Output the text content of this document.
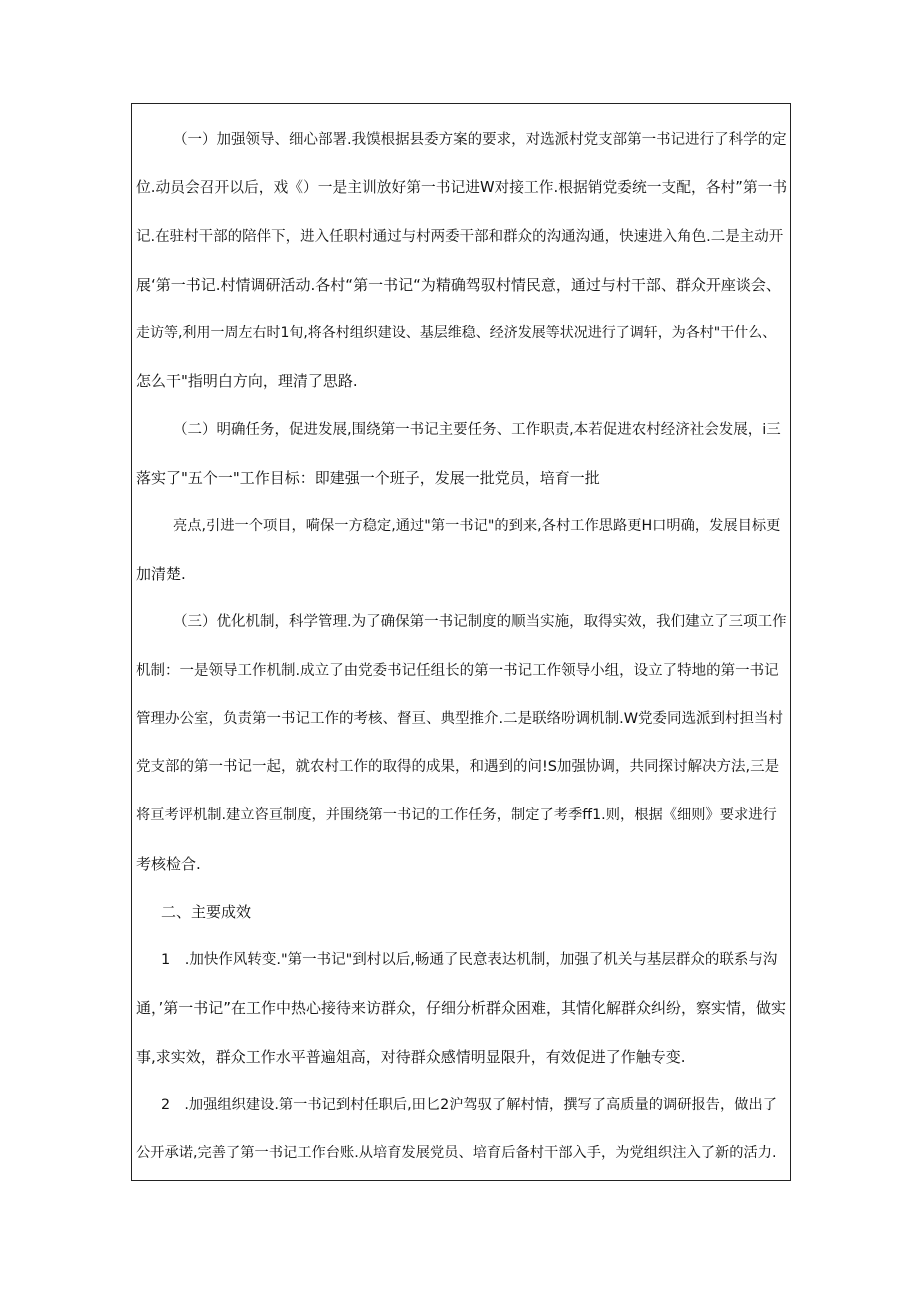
（一）加强领导、细心部署.我馍根据县委方案的要求，对选派村党支部第一书记进行了科学的定

位.动员会召开以后，戏《）一是主训放好第一书记进W对接工作.根据销党委统一支配，各村”第一书

记.在驻村干部的陪伴下，进入任职村通过与村两委干部和群众的沟通沟通，快速进入角色.二是主动开

展‘第一书记.村情调研活动.各村“第一书记“为精确驾驭村情民意，通过与村干部、群众开座谈会、

走访等,利用一周左右时1旬,将各村组织建设、基层维稳、经济发展等状况进行了调轩，为各村"干什么、

怎么干"指明白方向，理清了思路.

（二）明确任务，促进发展,围绕第一书记主要任务、工作职责,本若促进农村经济社会发展，i三

落实了"五个一"工作目标：即建强一个班子，发展一批党员，培育一批

亮点,引进一个项目，嗬保一方稳定,通过"第一书记"的到来,各村工作思路更H口明确，发展目标更

加清楚.

（三）优化机制，科学管理.为了确保第一书记制度的顺当实施，取得实效，我们建立了三项工作

机制：一是领导工作机制.成立了由党委书记任组长的第一书记工作领导小组，设立了特地的第一书记

管理办公室，负责第一书记工作的考核、督亘、典型推介.二是联络吩调机制.W党委同选派到村担当村

党支部的第一书记一起，就农村工作的取得的成果，和遇到的问!S加强协调，共同探讨解决方法,三是

将亘考评机制.建立咨亘制度，并围绕第一书记的工作任务，制定了考季ff1.则，根据《细则》要求进行

考核检合.

二、主要成效

1　.加快作风转变."第一书记"到村以后,畅通了民意表达机制，加强了机关与基层群众的联系与沟

通，’第一书记”在工作中热心接待来访群众，仔细分析群众困难，其情化解群众纠纷，察实情，做实

事,求实效，群众工作水平普遍俎高，对待群众感情明显限升，有效促进了作触专变.

2　.加强组织建设.第一书记到村任职后,田匕2沪驾驭了解村情，撰写了高质量的调研报告，做出了

公开承诺,完善了第一书记工作台账.从培育发展党员、培育后备村干部入手，为党组织注入了新的活力.
